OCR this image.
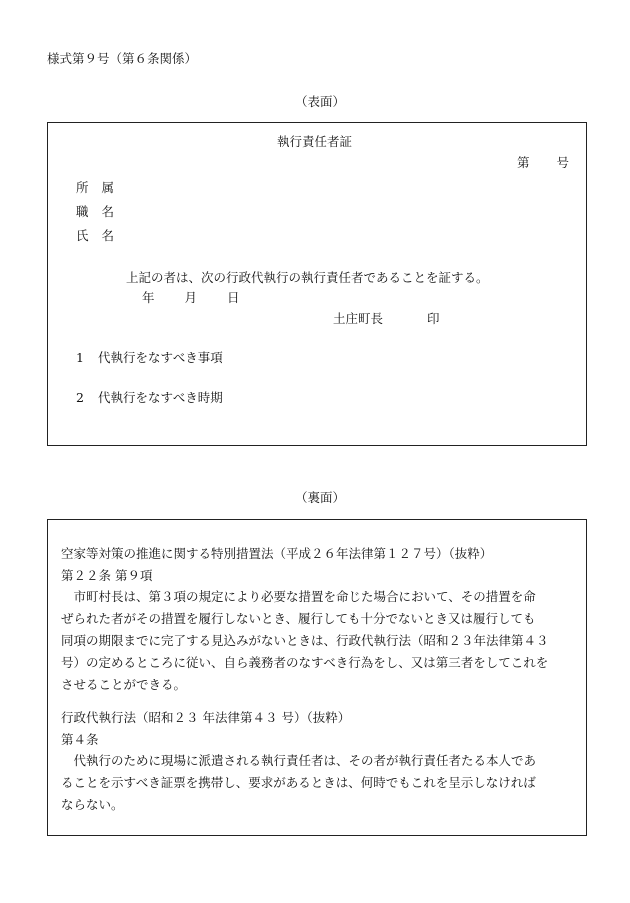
様式第９号（第６条関係）
（表面）
執行責任者証
第 号
所 属
職 名
氏 名
上記の者は、次の行政代執行の執行責任者であることを証する。
年 月 日
土庄町長	印
1 代執行をなすべき事項
2 代執行をなすべき時期
（裏面）
空家等対策の推進に関する特別措置法（平成２６年法律第１２７号）（抜粋）
第２２条 第９項
　市町村長は、第３項の規定により必要な措置を命じた場合において、その措置を命
ぜられた者がその措置を履行しないとき、履行しても十分でないとき又は履行しても
同項の期限までに完了する見込みがないときは、行政代執行法（昭和２３年法律第４３
号）の定めるところに従い、自ら義務者のなすべき行為をし、又は第三者をしてこれを
させることができる。
行政代執行法（昭和２３ 年法律第４３ 号）（抜粋）
第４条
　代執行のために現場に派遣される執行責任者は、その者が執行責任者たる本人であ
ることを示すべき証票を携帯し、要求があるときは、何時でもこれを呈示しなければ
ならない。
